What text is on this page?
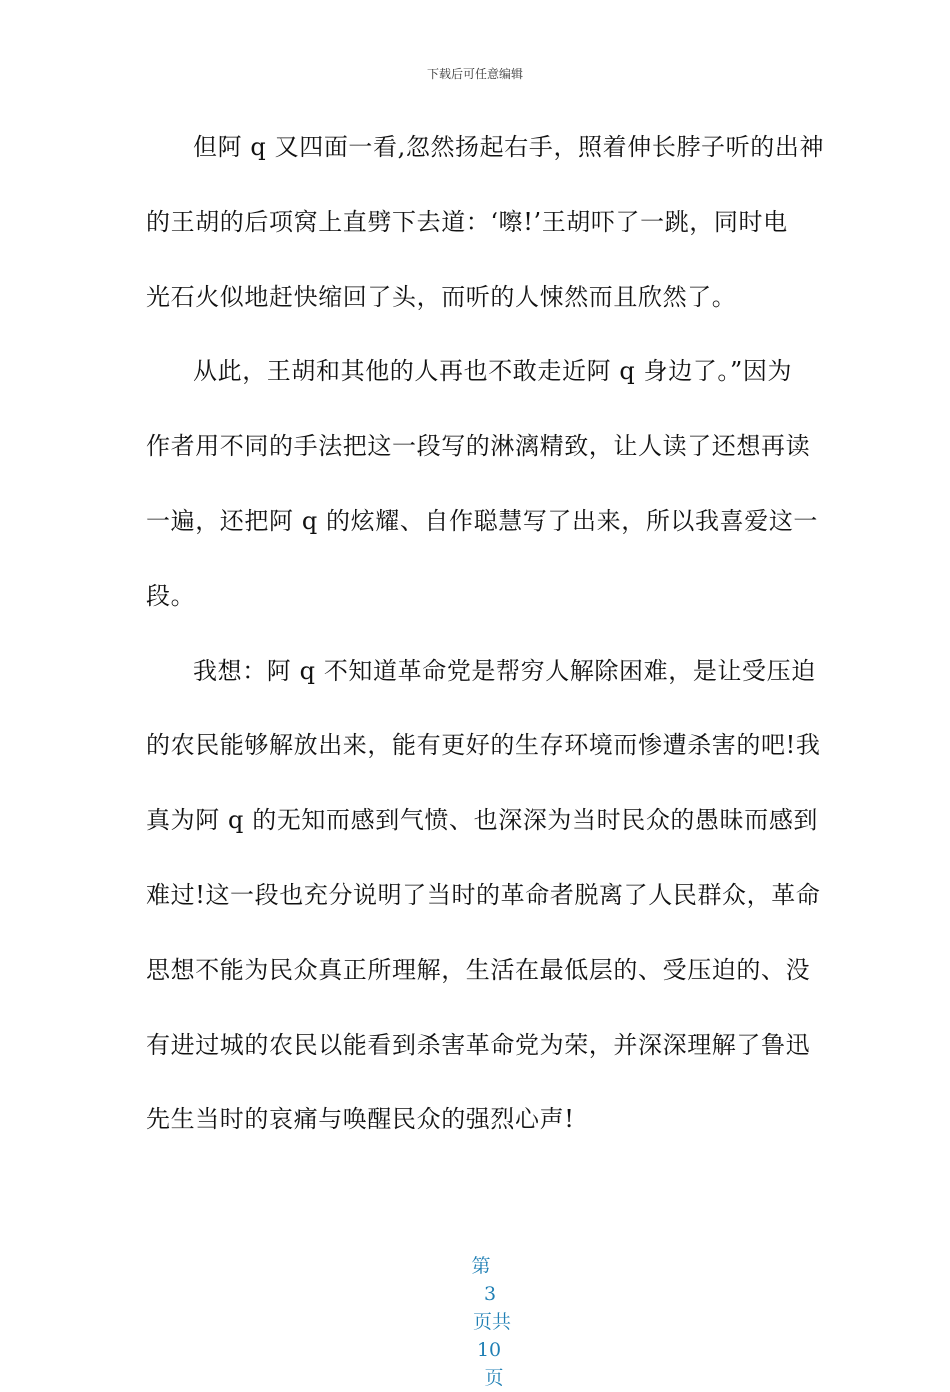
下载后可任意编辑
但阿 q 又四面一看,忽然扬起右手，照着伸长脖子听的出神
的王胡的后项窝上直劈下去道：‘嚓!’王胡吓了一跳，同时电
光石火似地赶快缩回了头，而听的人悚然而且欣然了。
从此，王胡和其他的人再也不敢走近阿 q 身边了。”因为
作者用不同的手法把这一段写的淋漓精致，让人读了还想再读
一遍，还把阿 q 的炫耀、自作聪慧写了出来，所以我喜爱这一
段。
我想：阿 q 不知道革命党是帮穷人解除困难，是让受压迫
的农民能够解放出来，能有更好的生存环境而惨遭杀害的吧!我
真为阿 q 的无知而感到气愤、也深深为当时民众的愚昧而感到
难过!这一段也充分说明了当时的革命者脱离了人民群众，革命
思想不能为民众真正所理解，生活在最低层的、受压迫的、没
有进过城的农民以能看到杀害革命党为荣，并深深理解了鲁迅
先生当时的哀痛与唤醒民众的强烈心声!

第
3
页共
10
页
